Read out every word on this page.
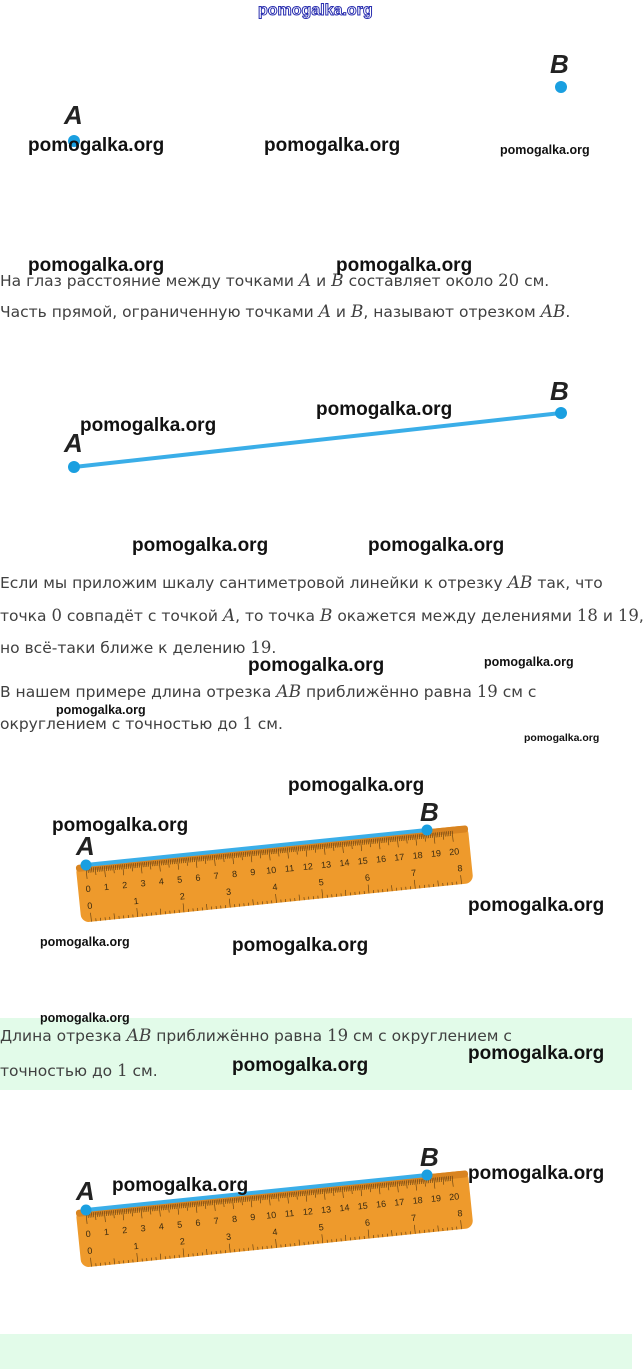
pomogalka.org
A
B
На глаз расстояние между точками A и B составляет около 20 см.
Часть прямой, ограниченную точками A и B, называют отрезком AB.
A
B
Если мы приложим шкалу сантиметровой линейки к отрезку AB так, что
точка 0 совпадёт с точкой A, то точка B окажется между делениями 18 и 19,
но всё-таки ближе к делению 19.
В нашем примере длина отрезка AB приближённо равна 19 см с
округлением с точностью до 1 см.
0 1 2 3 4 5 6 7 8 9 10 11 12 13 14 15 16 17 18 19 20
0	1	2	3	4	5	6	7	8
A
B
Длина отрезка AB приближённо равна 19 см с округлением с
точностью до 1 см.
0 1 2 3 4 5 6 7 8 9 10 11 12 13 14 15 16 17 18 19 20
0	1	2	3	4	5	6	7	8
A
B
pomogalka.org	pomogalka.org	pomogalka.org
pomogalka.org	pomogalka.org
pomogalka.org
pomogalka.org
pomogalka.org	pomogalka.org
pomogalka.org	pomogalka.org
pomogalka.org
pomogalka.org
pomogalka.org
pomogalka.org
pomogalka.org
pomogalka.org	pomogalka.org
pomogalka.org
pomogalka.org
pomogalka.org
pomogalka.org
pomogalka.org
